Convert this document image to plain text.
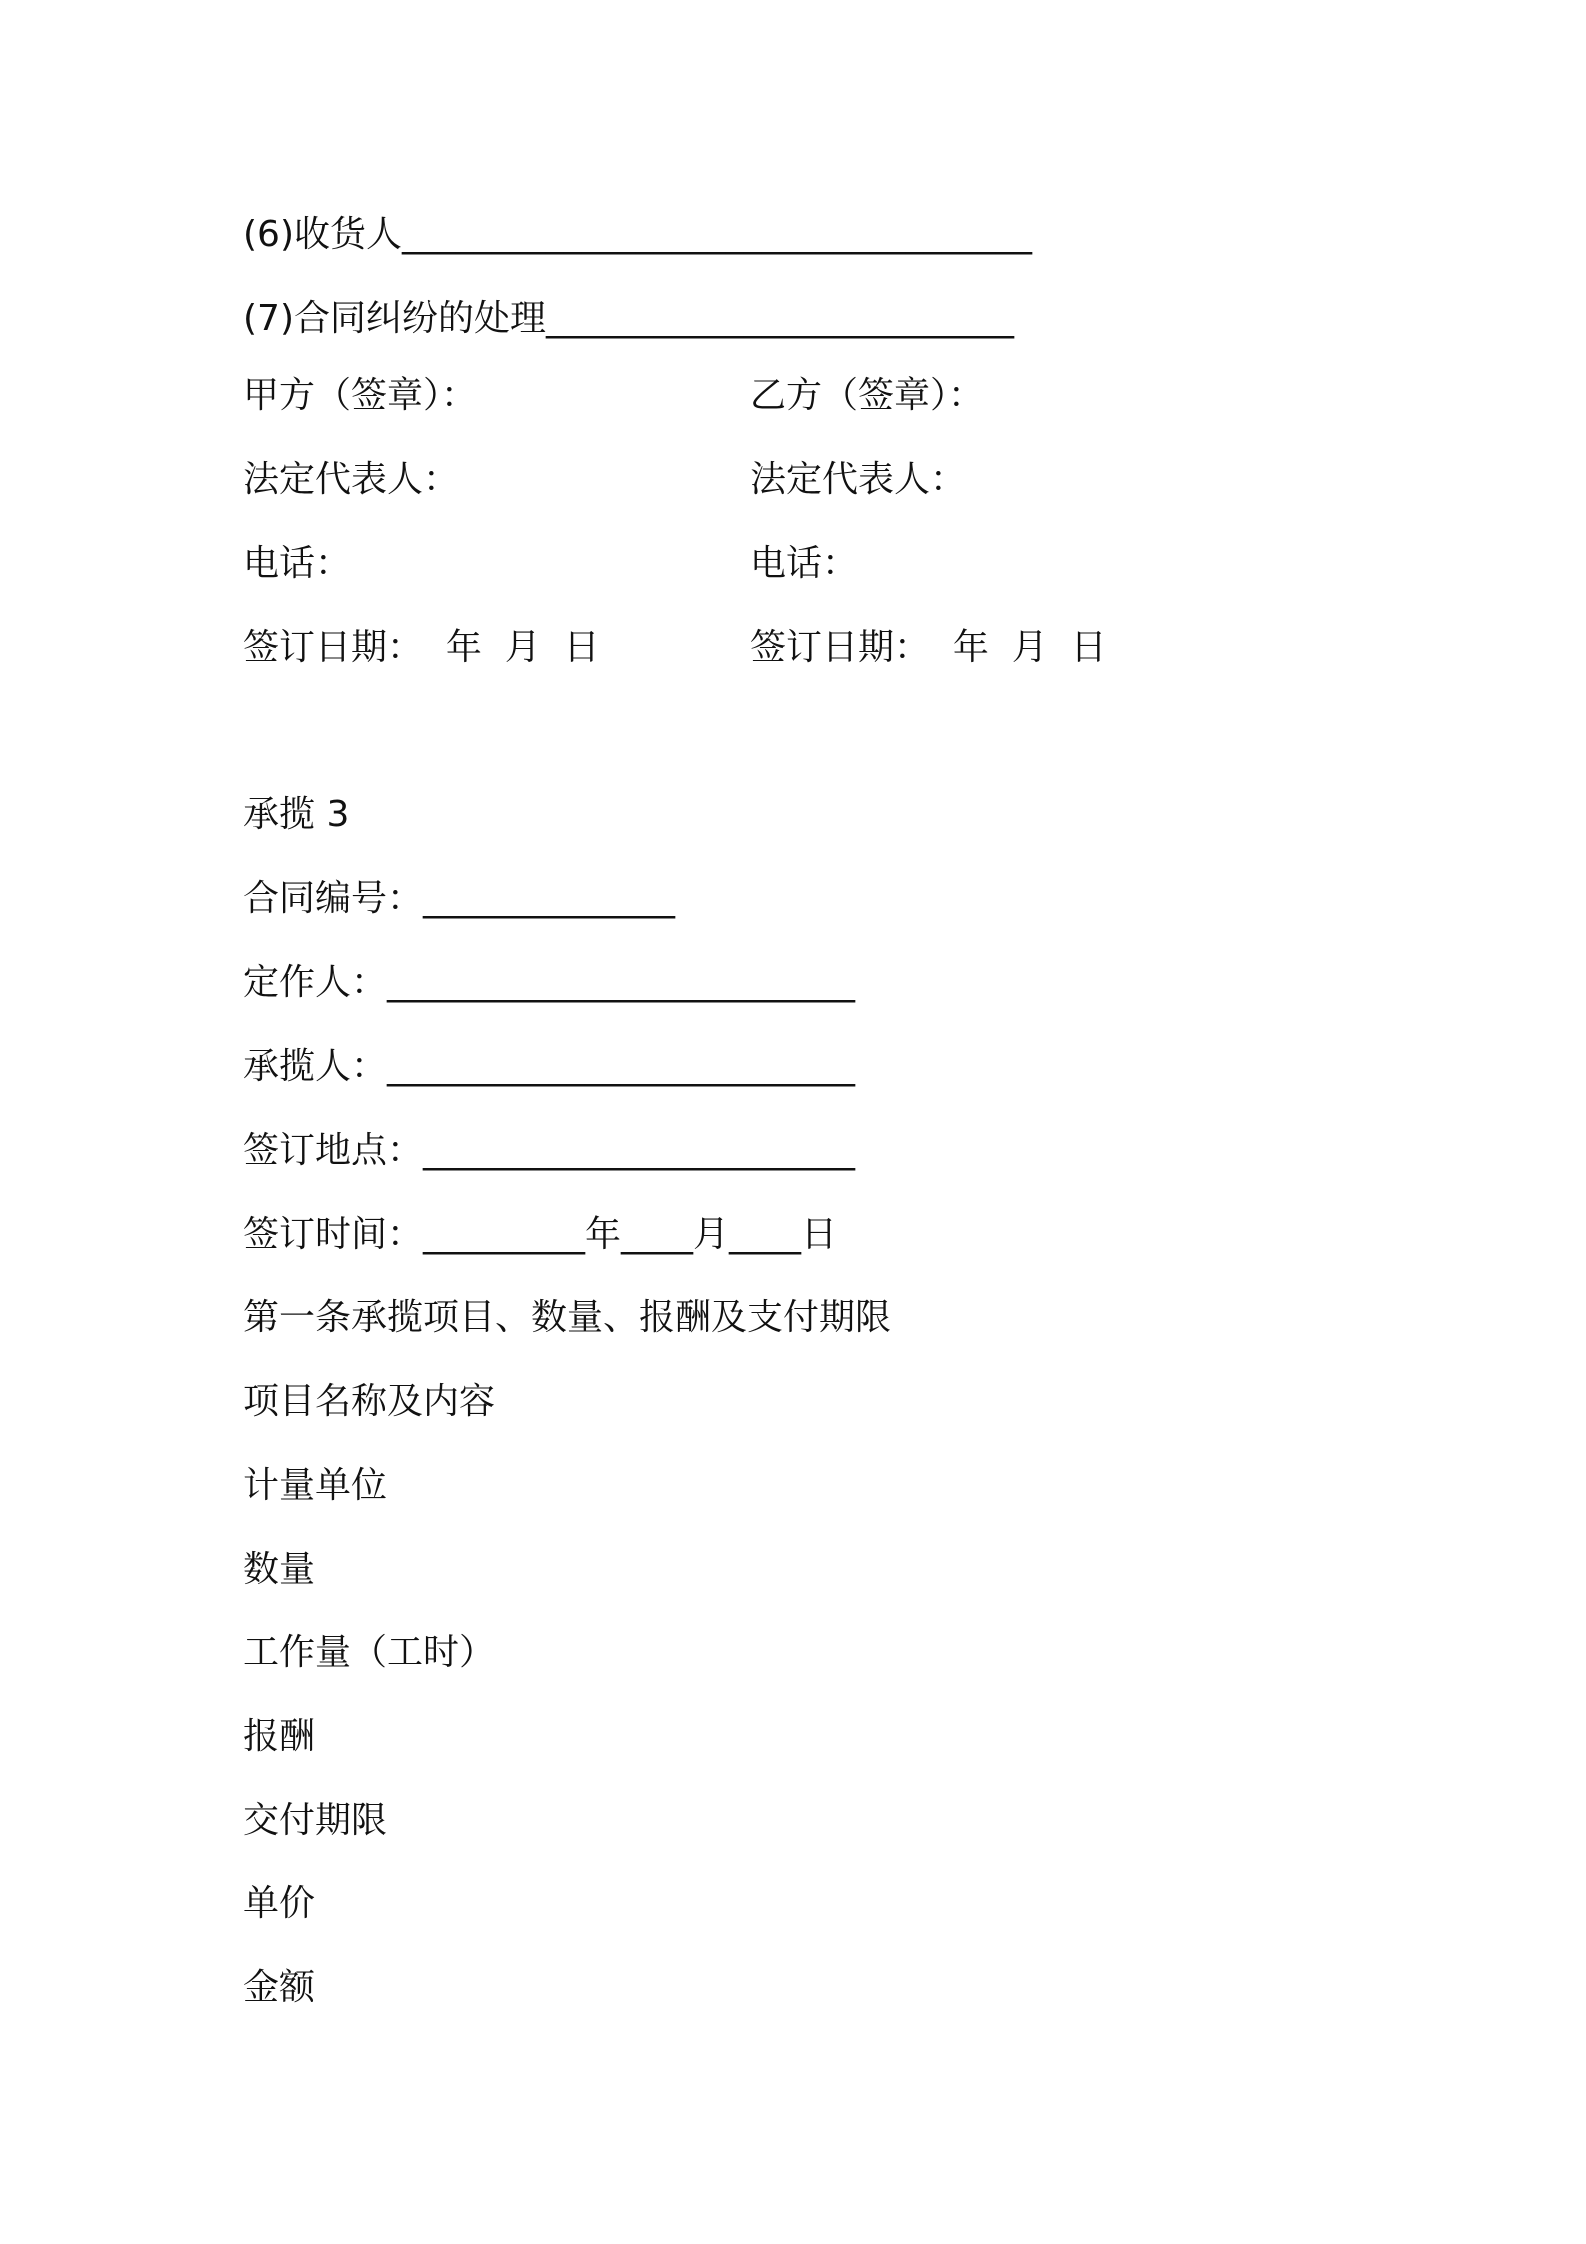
(6)收货人___________________________________
(7)合同纠纷的处理__________________________
甲方（签章）：	乙方（签章）：
法定代表人：	法定代表人：
电话：	电话：
签订日期：  年  月  日	签订日期：  年  月  日
承揽 3
合同编号：______________
定作人：__________________________
承揽人：__________________________
签订地点：________________________
签订时间：_________年____月____日
第一条承揽项目、数量、报酬及支付期限
项目名称及内容
计量单位
数量
工作量（工时）
报酬
交付期限
单价
金额
